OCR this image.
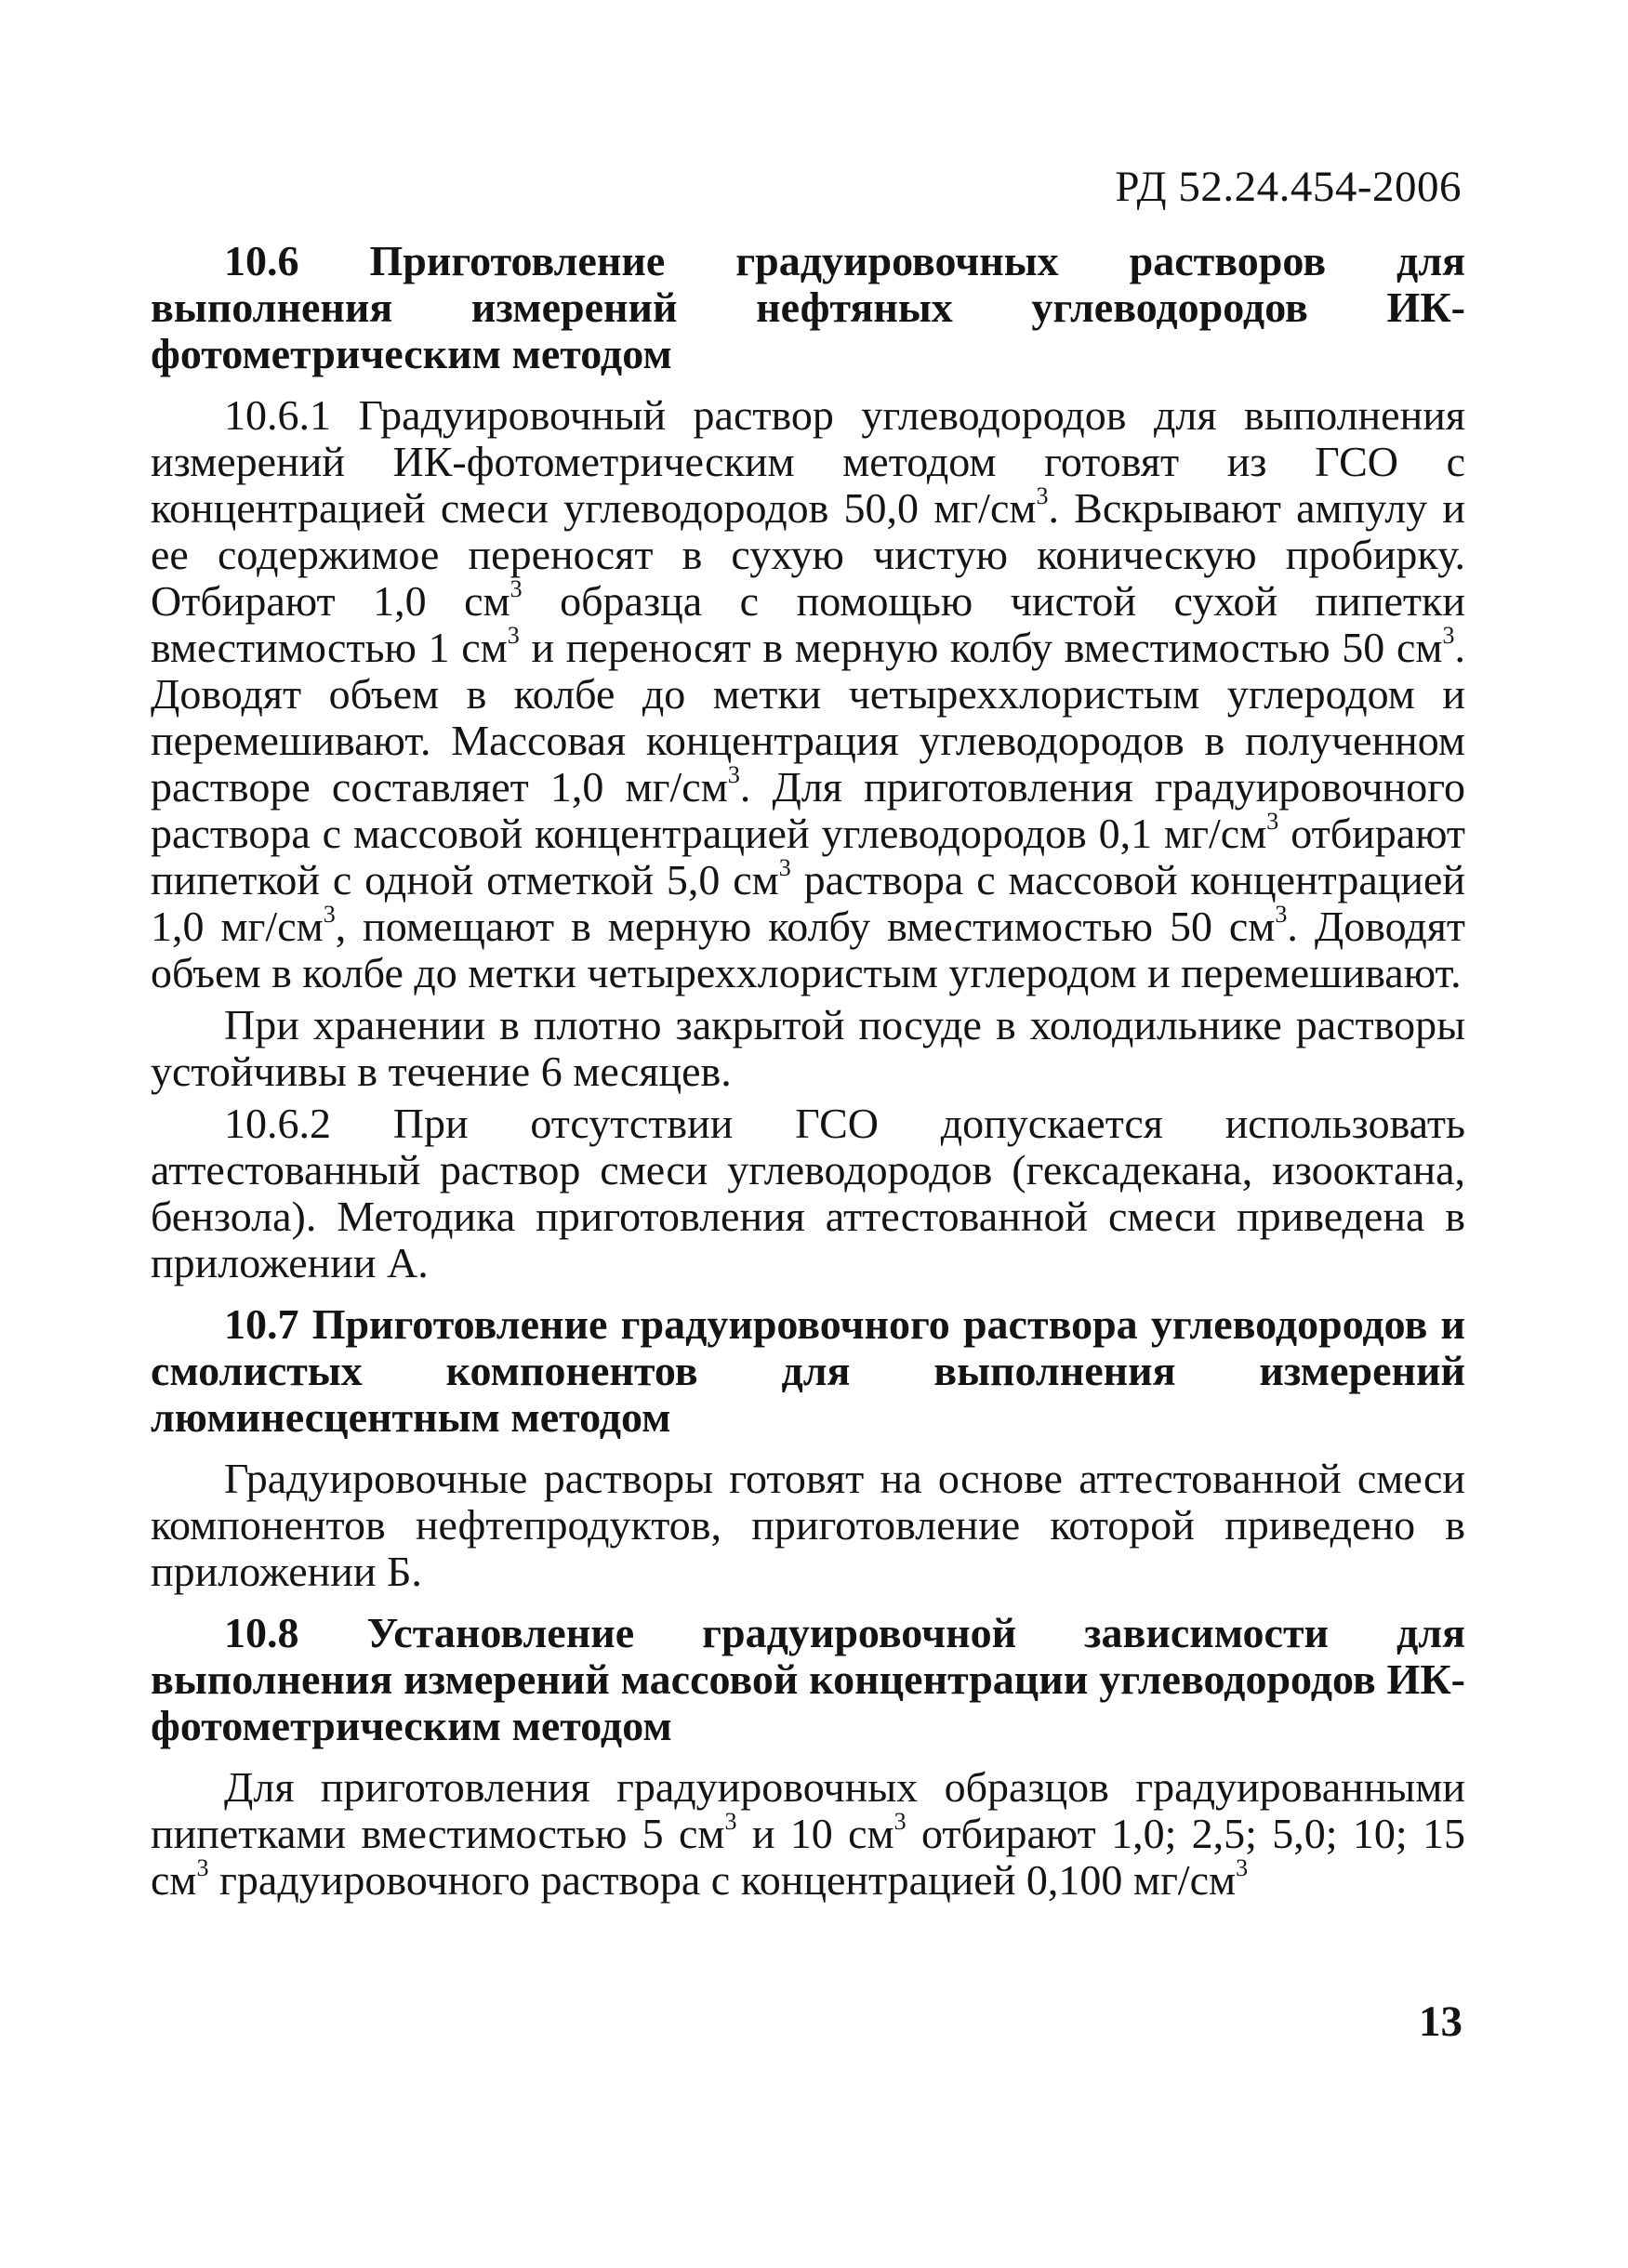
РД 52.24.454-2006

10.6 Приготовление градуировочных растворов для выполнения измерений нефтяных углеводородов ИК-фотометрическим методом

10.6.1 Градуировочный раствор углеводородов для выполнения измерений ИК-фотометрическим методом готовят из ГСО с концентрацией смеси углеводородов 50,0 $мг/см^3$. Вскрывают ампулу и ее содержимое переносят в сухую чистую коническую пробирку. Отбирают 1,0 $см^3$ образца с помощью чистой сухой пипетки вместимостью 1 $см^3$ и переносят в мерную колбу вместимостью 50 $см^3$. Доводят объем в колбе до метки четыреххлористым углеродом и перемешивают. Массовая концентрация углеводородов в полученном растворе составляет 1,0 $мг/см^3$. Для приготовления градуировочного раствора с массовой концентрацией углеводородов 0,1 $мг/см^3$ отбирают пипеткой с одной отметкой 5,0 $см^3$ раствора с массовой концентрацией 1,0 $мг/см^3$, помещают в мерную колбу вместимостью 50 $см^3$. Доводят объем в колбе до метки четыреххлористым углеродом и перемешивают.

При хранении в плотно закрытой посуде в холодильнике растворы устойчивы в течение 6 месяцев.

10.6.2 При отсутствии ГСО допускается использовать аттестованный раствор смеси углеводородов (гексадекана, изооктана, бензола). Методика приготовления аттестованной смеси приведена в приложении А.

10.7 Приготовление градуировочного раствора углеводородов и смолистых компонентов для выполнения измерений люминесцентным методом

Градуировочные растворы готовят на основе аттестованной смеси компонентов нефтепродуктов, приготовление которой приведено в приложении Б.

10.8 Установление градуировочной зависимости для выполнения измерений массовой концентрации углеводородов ИК-фотометрическим методом

Для приготовления градуировочных образцов градуированными пипетками вместимостью 5 $см^3$ и 10 $см^3$ отбирают 1,0; 2,5; 5,0; 10; 15 $см^3$ градуировочного раствора с концентрацией 0,100 $мг/см^3$

13
